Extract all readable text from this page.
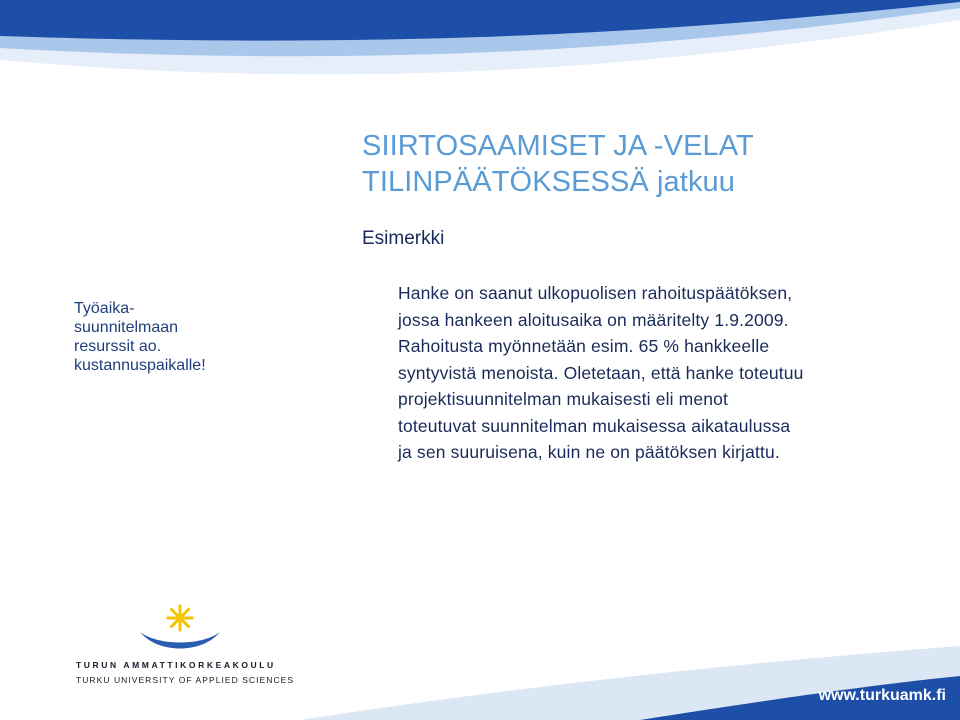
SIIRTOSAAMISET JA -VELAT
TILINPÄÄTÖKSESSÄ jatkuu
Esimerkki
Työaika-
suunnitelmaan
resurssit ao.
kustannuspaikalle!
Hanke on saanut ulkopuolisen rahoituspäätöksen,
jossa hankeen aloitusaika on määritelty 1.9.2009.
Rahoitusta myönnetään esim. 65 % hankkeelle
syntyvistä menoista. Oletetaan, että hanke toteutuu
projektisuunnitelman mukaisesti eli menot
toteutuvat suunnitelman mukaisessa aikataulussa
ja sen suuruisena, kuin ne on päätöksen kirjattu.
TURUN AMMATTIKORKEAKOULU
TURKU UNIVERSITY OF APPLIED SCIENCES
www.turkuamk.fi
